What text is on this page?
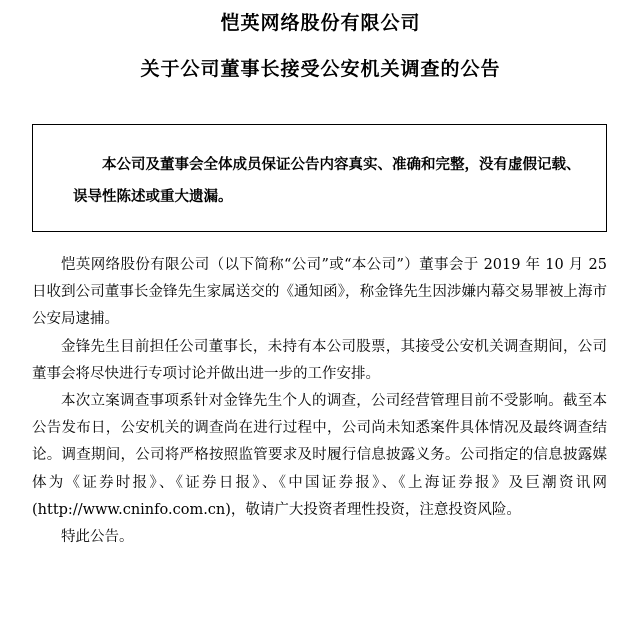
恺英网络股份有限公司
关于公司董事长接受公安机关调查的公告

本公司及董事会全体成员保证公告内容真实、准确和完整，没有虚假记载、误导性陈述或重大遗漏。

恺英网络股份有限公司（以下简称“公司”或“本公司”）董事会于 2019 年 10 月 25 日收到公司董事长金锋先生家属送交的《通知函》，称金锋先生因涉嫌内幕交易罪被上海市公安局逮捕。

金锋先生目前担任公司董事长，未持有本公司股票，其接受公安机关调查期间，公司董事会将尽快进行专项讨论并做出进一步的工作安排。

本次立案调查事项系针对金锋先生个人的调查，公司经营管理目前不受影响。截至本公告发布日，公安机关的调查尚在进行过程中，公司尚未知悉案件具体情况及最终调查结论。调查期间，公司将严格按照监管要求及时履行信息披露义务。公司指定的信息披露媒体为《证券时报》、《证券日报》、《中国证券报》、《上海证券报》及巨潮资讯网(http://www.cninfo.com.cn)，敬请广大投资者理性投资，注意投资风险。

特此公告。
